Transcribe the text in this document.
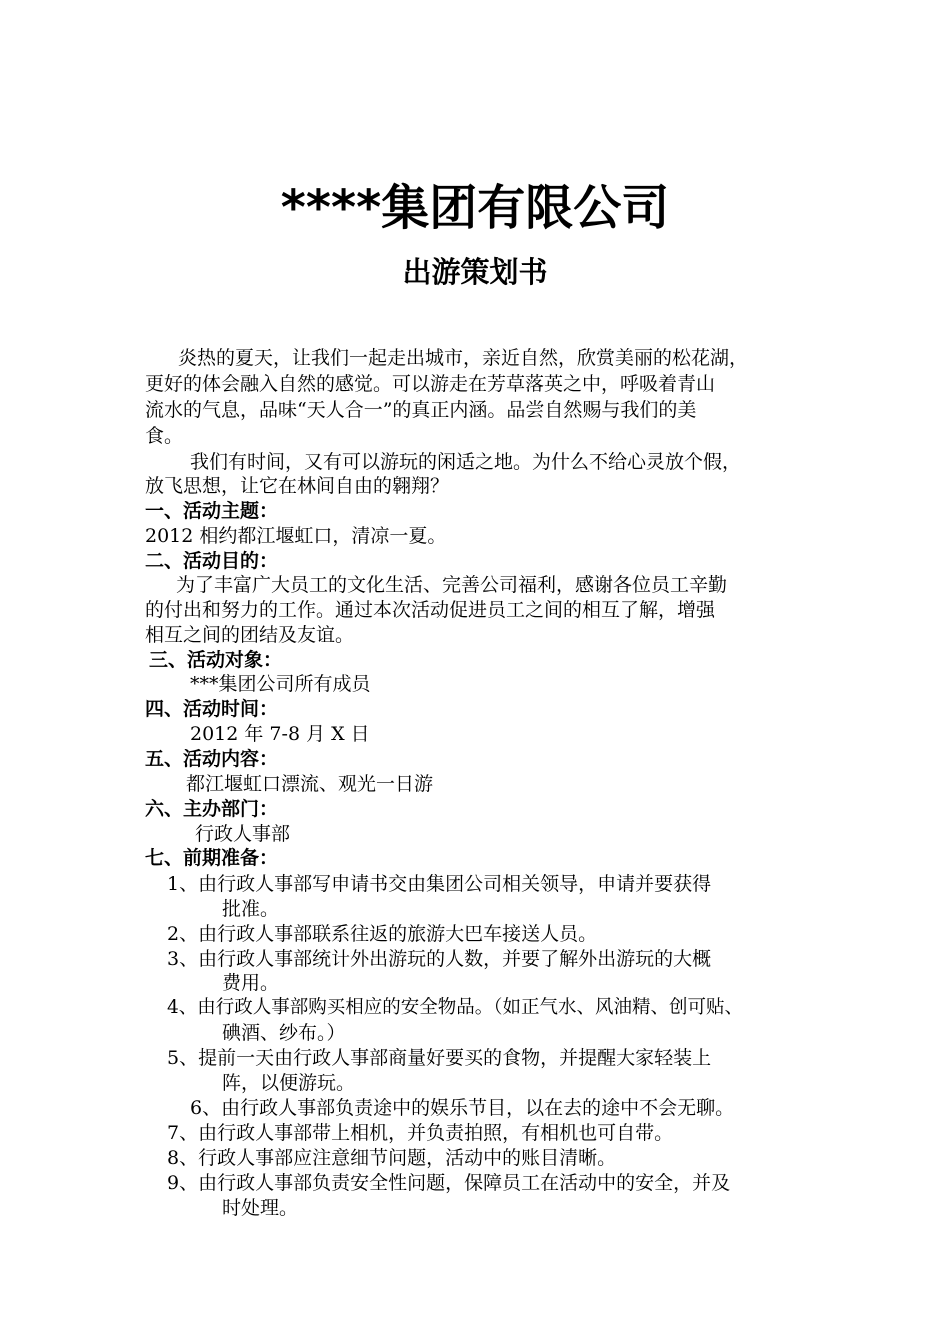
****集团有限公司
出游策划书
炎热的夏天，让我们一起走出城市，亲近自然，欣赏美丽的松花湖，
更好的体会融入自然的感觉。可以游走在芳草落英之中，呼吸着青山
流水的气息，品味“天人合一”的真正内涵。品尝自然赐与我们的美
食。
我们有时间，又有可以游玩的闲适之地。为什么不给心灵放个假，
放飞思想，让它在林间自由的翱翔？
一、活动主题：
2012 相约都江堰虹口，清凉一夏。
二、活动目的：
为了丰富广大员工的文化生活、完善公司福利，感谢各位员工辛勤
的付出和努力的工作。通过本次活动促进员工之间的相互了解，增强
相互之间的团结及友谊。
三、活动对象：
***集团公司所有成员
四、活动时间：
2012 年 7-8 月 X 日
五、活动内容：
都江堰虹口漂流、观光一日游
六、主办部门：
行政人事部
七、前期准备：
1、由行政人事部写申请书交由集团公司相关领导，申请并要获得
批准。
2、由行政人事部联系往返的旅游大巴车接送人员。
3、由行政人事部统计外出游玩的人数，并要了解外出游玩的大概
费用。
4、由行政人事部购买相应的安全物品。（如正气水、风油精、创可贴、
碘酒、纱布。）
5、提前一天由行政人事部商量好要买的食物，并提醒大家轻装上
阵，以便游玩。
6、由行政人事部负责途中的娱乐节目，以在去的途中不会无聊。
7、由行政人事部带上相机，并负责拍照，有相机也可自带。
8、行政人事部应注意细节问题，活动中的账目清晰。
9、由行政人事部负责安全性问题，保障员工在活动中的安全，并及
时处理。
